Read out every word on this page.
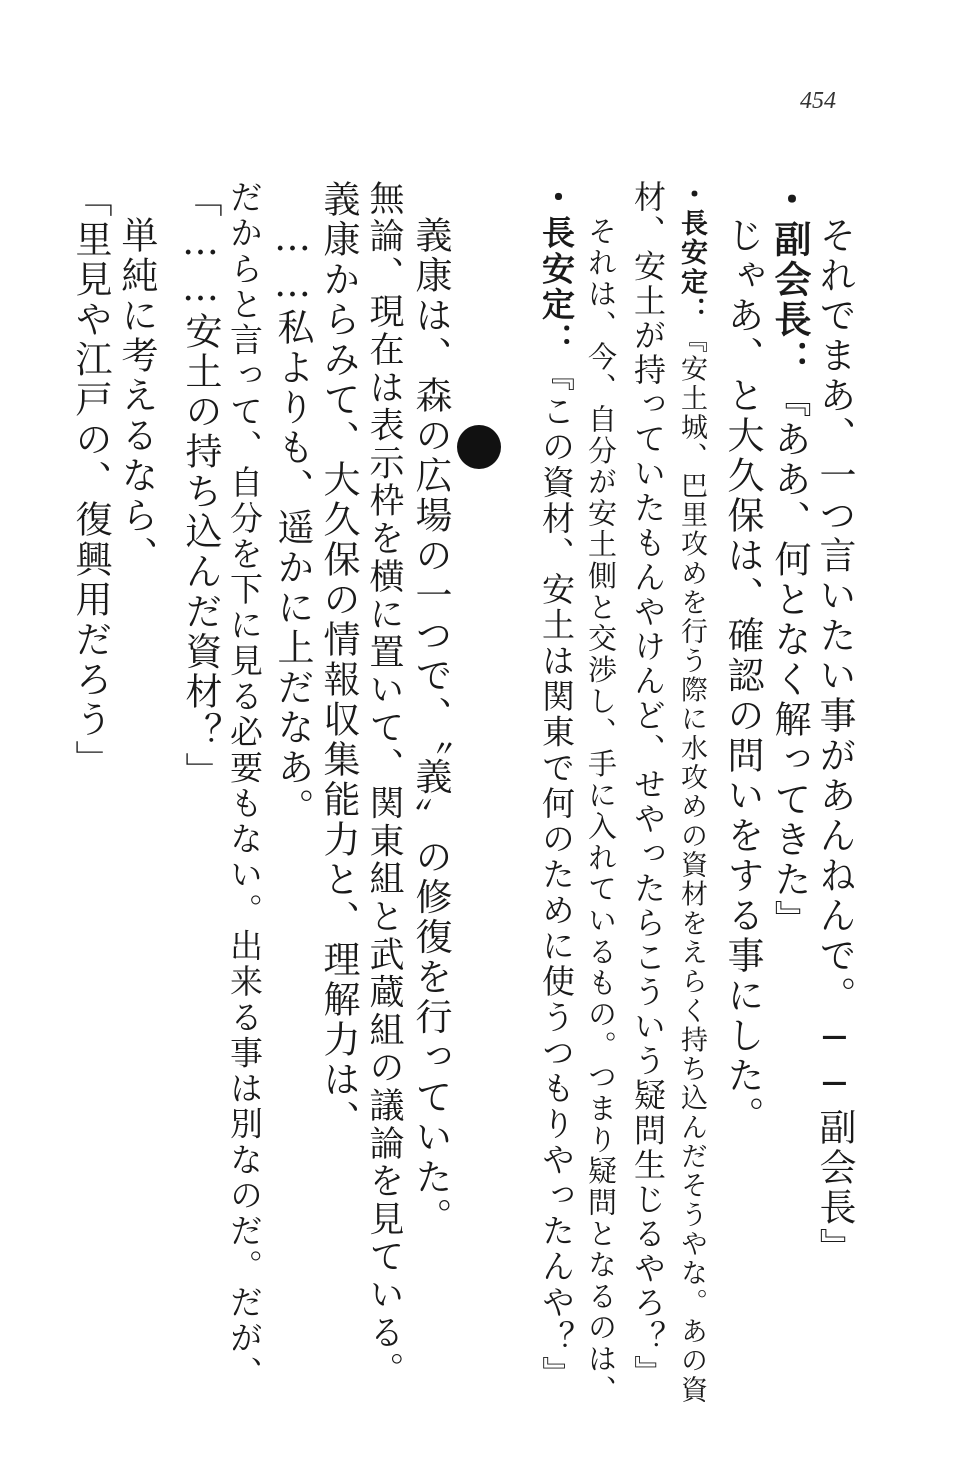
454
それでまあ、一つ言いたい事があんねんで。──副会長』
・副会長：『ああ、何となく解ってきた』
じゃあ、と大久保は、確認の問いをする事にした。
・長安定：『安土城、巴里攻めを行う際に水攻めの資材をえらく持ち込んだそうやな。あの資
材、安土が持っていたもんやけんど、せやったらこういう疑問生じるやろ？』
それは、今、自分が安土側と交渉し、手に入れているもの。つまり疑問となるのは、
・長安定：『この資材、安土は関東で何のために使うつもりやったんや？』
義康は、森の広場の一つで、〝義〟の修復を行っていた。
無論、現在は表示枠を横に置いて、関東組と武蔵組の議論を見ている。
義康からみて、大久保の情報収集能力と、理解力は、
……私よりも、遥かに上だなあ。
だからと言って、自分を下に見る必要もない。出来る事は別なのだ。だが、
「……安土の持ち込んだ資材？」
単純に考えるなら、
「里見や江戸の、復興用だろう」
